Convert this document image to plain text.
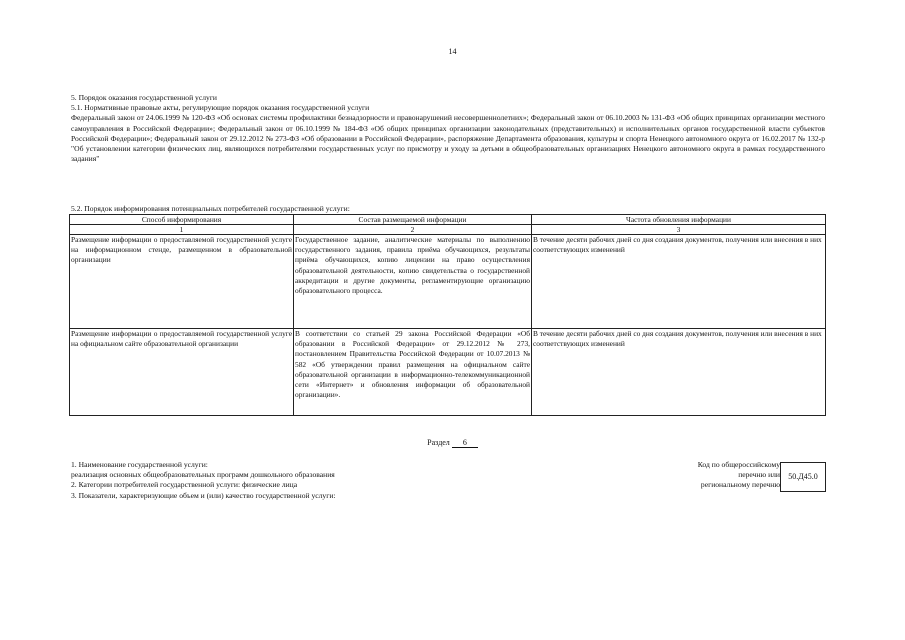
14

5. Порядок оказания государственной услуги

5.1. Нормативные правовые акты, регулирующие порядок оказания государственной услуги

Федеральный закон от 24.06.1999 № 120-ФЗ «Об основах системы профилактики безнадзорности и правонарушений несовершеннолетних»; Федеральный закон от 06.10.2003 № 131-ФЗ «Об общих принципах организации местного самоуправления в Российской Федерации»; Федеральный закон от 06.10.1999 № 184-ФЗ «Об общих принципах организации законодательных (представительных) и исполнительных органов государственной власти субъектов Российской Федерации»; Федеральный закон от 29.12.2012 № 273-ФЗ «Об образовании в Российской Федерации», распоряжение Департамента образования, культуры и спорта Ненецкого автономного округа от 16.02.2017 № 132-р "Об установлении категории физических лиц, являющихся потребителями государственных услуг по присмотру и уходу за детьми в общеобразовательных организациях Ненецкого автономного округа в рамках государственного задания"

5.2. Порядок информирования потенциальных потребителей государственной услуги:
Способ информирования	Состав размещаемой информации	Частота обновления информации
1	2	3
Размещение информации о предоставляемой государственной услуге на информационном стенде, размещенном в образовательной организации	Государственное задание, аналитические материалы по выполнению государственного задания, правила приёма обучающихся, результаты приёма обучающихся, копию лицензии на право осуществления образовательной деятельности, копию свидетельства о государственной аккредитации и другие документы, регламентирующие организацию образовательного процесса.	В течение десяти рабочих дней со дня создания документов, получения или внесения в них соответствующих изменений
Размещение информации о предоставляемой государственной услуге на официальном сайте образовательной организации	В соответствии со статьей 29 закона Российской Федерации «Об образовании в Российской Федерации» от 29.12.2012 № 273, постановлением Правительства Российской Федерации от 10.07.2013 № 582 «Об утверждении правил размещения на официальном сайте образовательной организации в информационно-телекоммуникационной сети «Интернет» и обновления информации об образовательной организации».	В течение десяти рабочих дней со дня создания документов, получения или внесения в них соответствующих изменений
Раздел 6

1. Наименование государственной услуги:

реализация основных общеобразовательных программ дошкольного образования

2. Категории потребителей государственной услуги: физические лица

3. Показатели, характеризующие объем и (или) качество государственной услуги:

Код по общероссийскому

перечню или

региональному перечню

50.Д45.0
